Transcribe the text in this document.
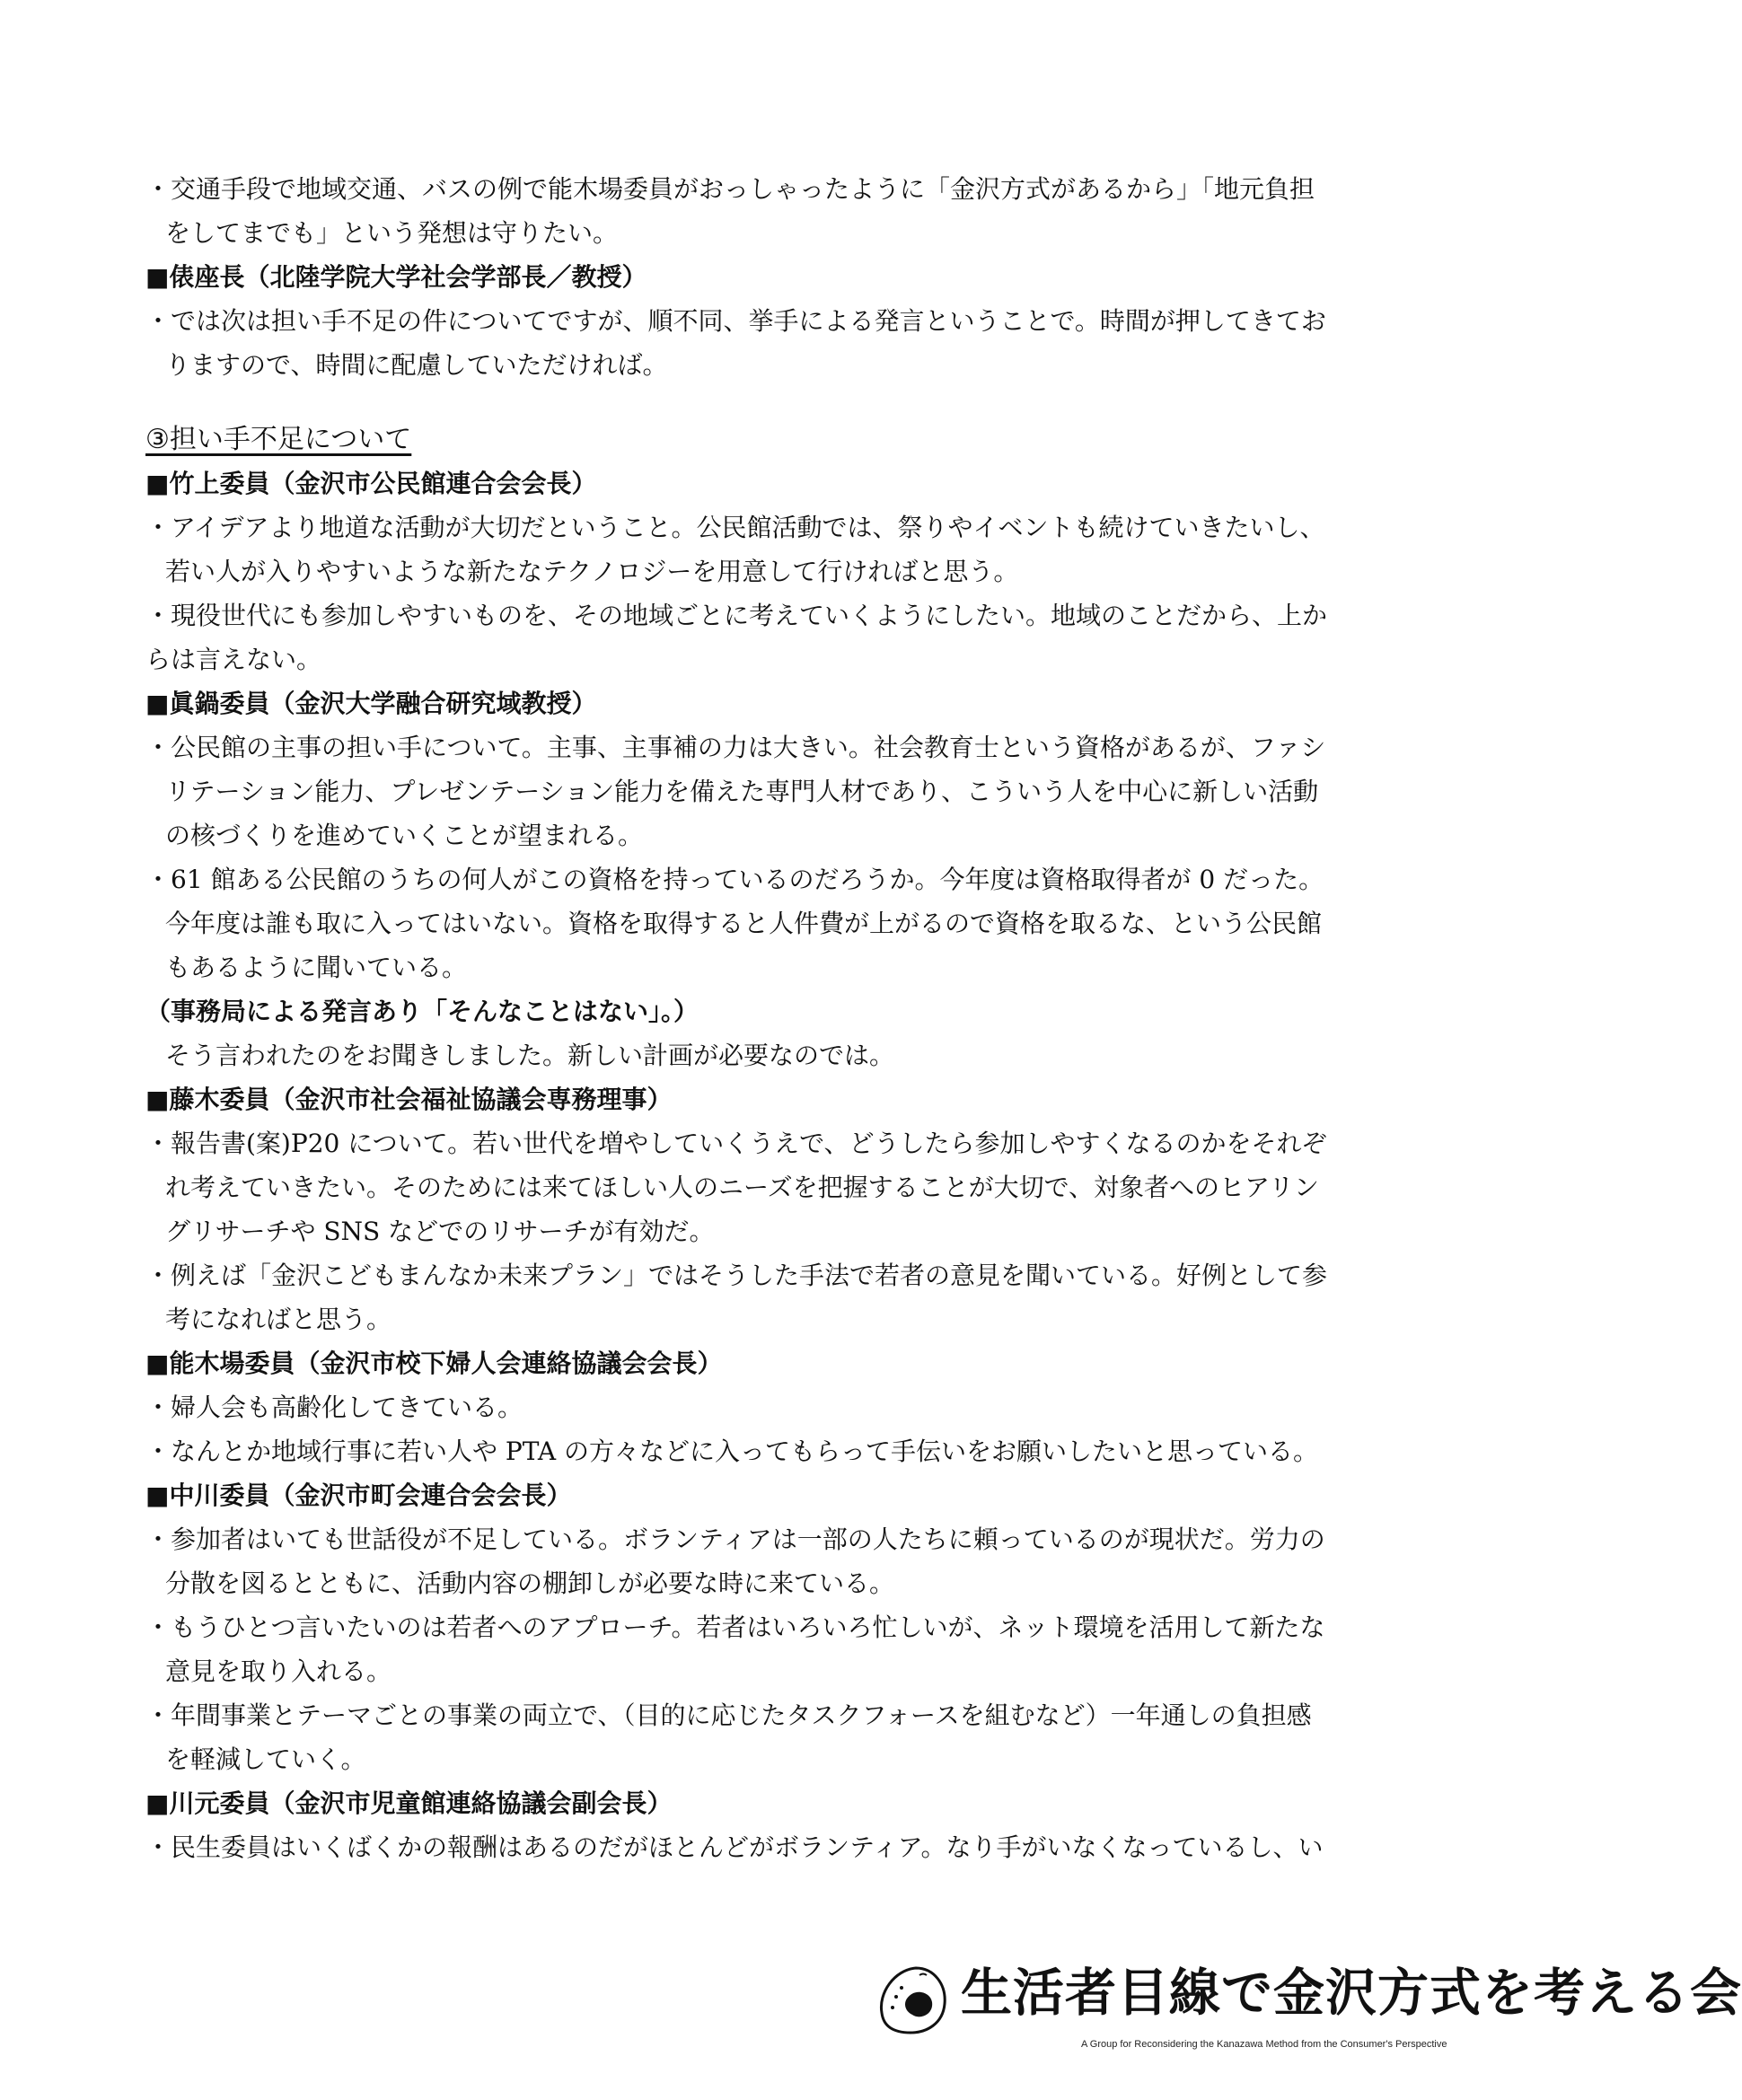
・交通手段で地域交通、バスの例で能木場委員がおっしゃったように「金沢方式があるから」「地元負担
をしてまでも」という発想は守りたい。
■俵座長（北陸学院大学社会学部長／教授）
・では次は担い手不足の件についてですが、順不同、挙手による発言ということで。時間が押してきてお
りますので、時間に配慮していただければ。
③担い手不足について
■竹上委員（金沢市公民館連合会会長）
・アイデアより地道な活動が大切だということ。公民館活動では、祭りやイベントも続けていきたいし、
若い人が入りやすいような新たなテクノロジーを用意して行ければと思う。
・現役世代にも参加しやすいものを、その地域ごとに考えていくようにしたい。地域のことだから、上か
らは言えない。
■眞鍋委員（金沢大学融合研究域教授）
・公民館の主事の担い手について。主事、主事補の力は大きい。社会教育士という資格があるが、ファシ
リテーション能力、プレゼンテーション能力を備えた専門人材であり、こういう人を中心に新しい活動
の核づくりを進めていくことが望まれる。
・61 館ある公民館のうちの何人がこの資格を持っているのだろうか。今年度は資格取得者が 0 だった。
今年度は誰も取に入ってはいない。資格を取得すると人件費が上がるので資格を取るな、という公民館
もあるように聞いている。
（事務局による発言あり「そんなことはない」。）
そう言われたのをお聞きしました。新しい計画が必要なのでは。
■藤木委員（金沢市社会福祉協議会専務理事）
・報告書(案)P20 について。若い世代を増やしていくうえで、どうしたら参加しやすくなるのかをそれぞ
れ考えていきたい。そのためには来てほしい人のニーズを把握することが大切で、対象者へのヒアリン
グリサーチや SNS などでのリサーチが有効だ。
・例えば「金沢こどもまんなか未来プラン」ではそうした手法で若者の意見を聞いている。好例として参
考になればと思う。
■能木場委員（金沢市校下婦人会連絡協議会会長）
・婦人会も高齢化してきている。
・なんとか地域行事に若い人や PTA の方々などに入ってもらって手伝いをお願いしたいと思っている。
■中川委員（金沢市町会連合会会長）
・参加者はいても世話役が不足している。ボランティアは一部の人たちに頼っているのが現状だ。労力の
分散を図るとともに、活動内容の棚卸しが必要な時に来ている。
・もうひとつ言いたいのは若者へのアプローチ。若者はいろいろ忙しいが、ネット環境を活用して新たな
意見を取り入れる。
・年間事業とテーマごとの事業の両立で、（目的に応じたタスクフォースを組むなど）一年通しの負担感
を軽減していく。
■川元委員（金沢市児童館連絡協議会副会長）
・民生委員はいくばくかの報酬はあるのだがほとんどがボランティア。なり手がいなくなっているし、い
生活者目線で金沢方式を考える会
A Group for Reconsidering the Kanazawa Method from the Consumer's Perspective
